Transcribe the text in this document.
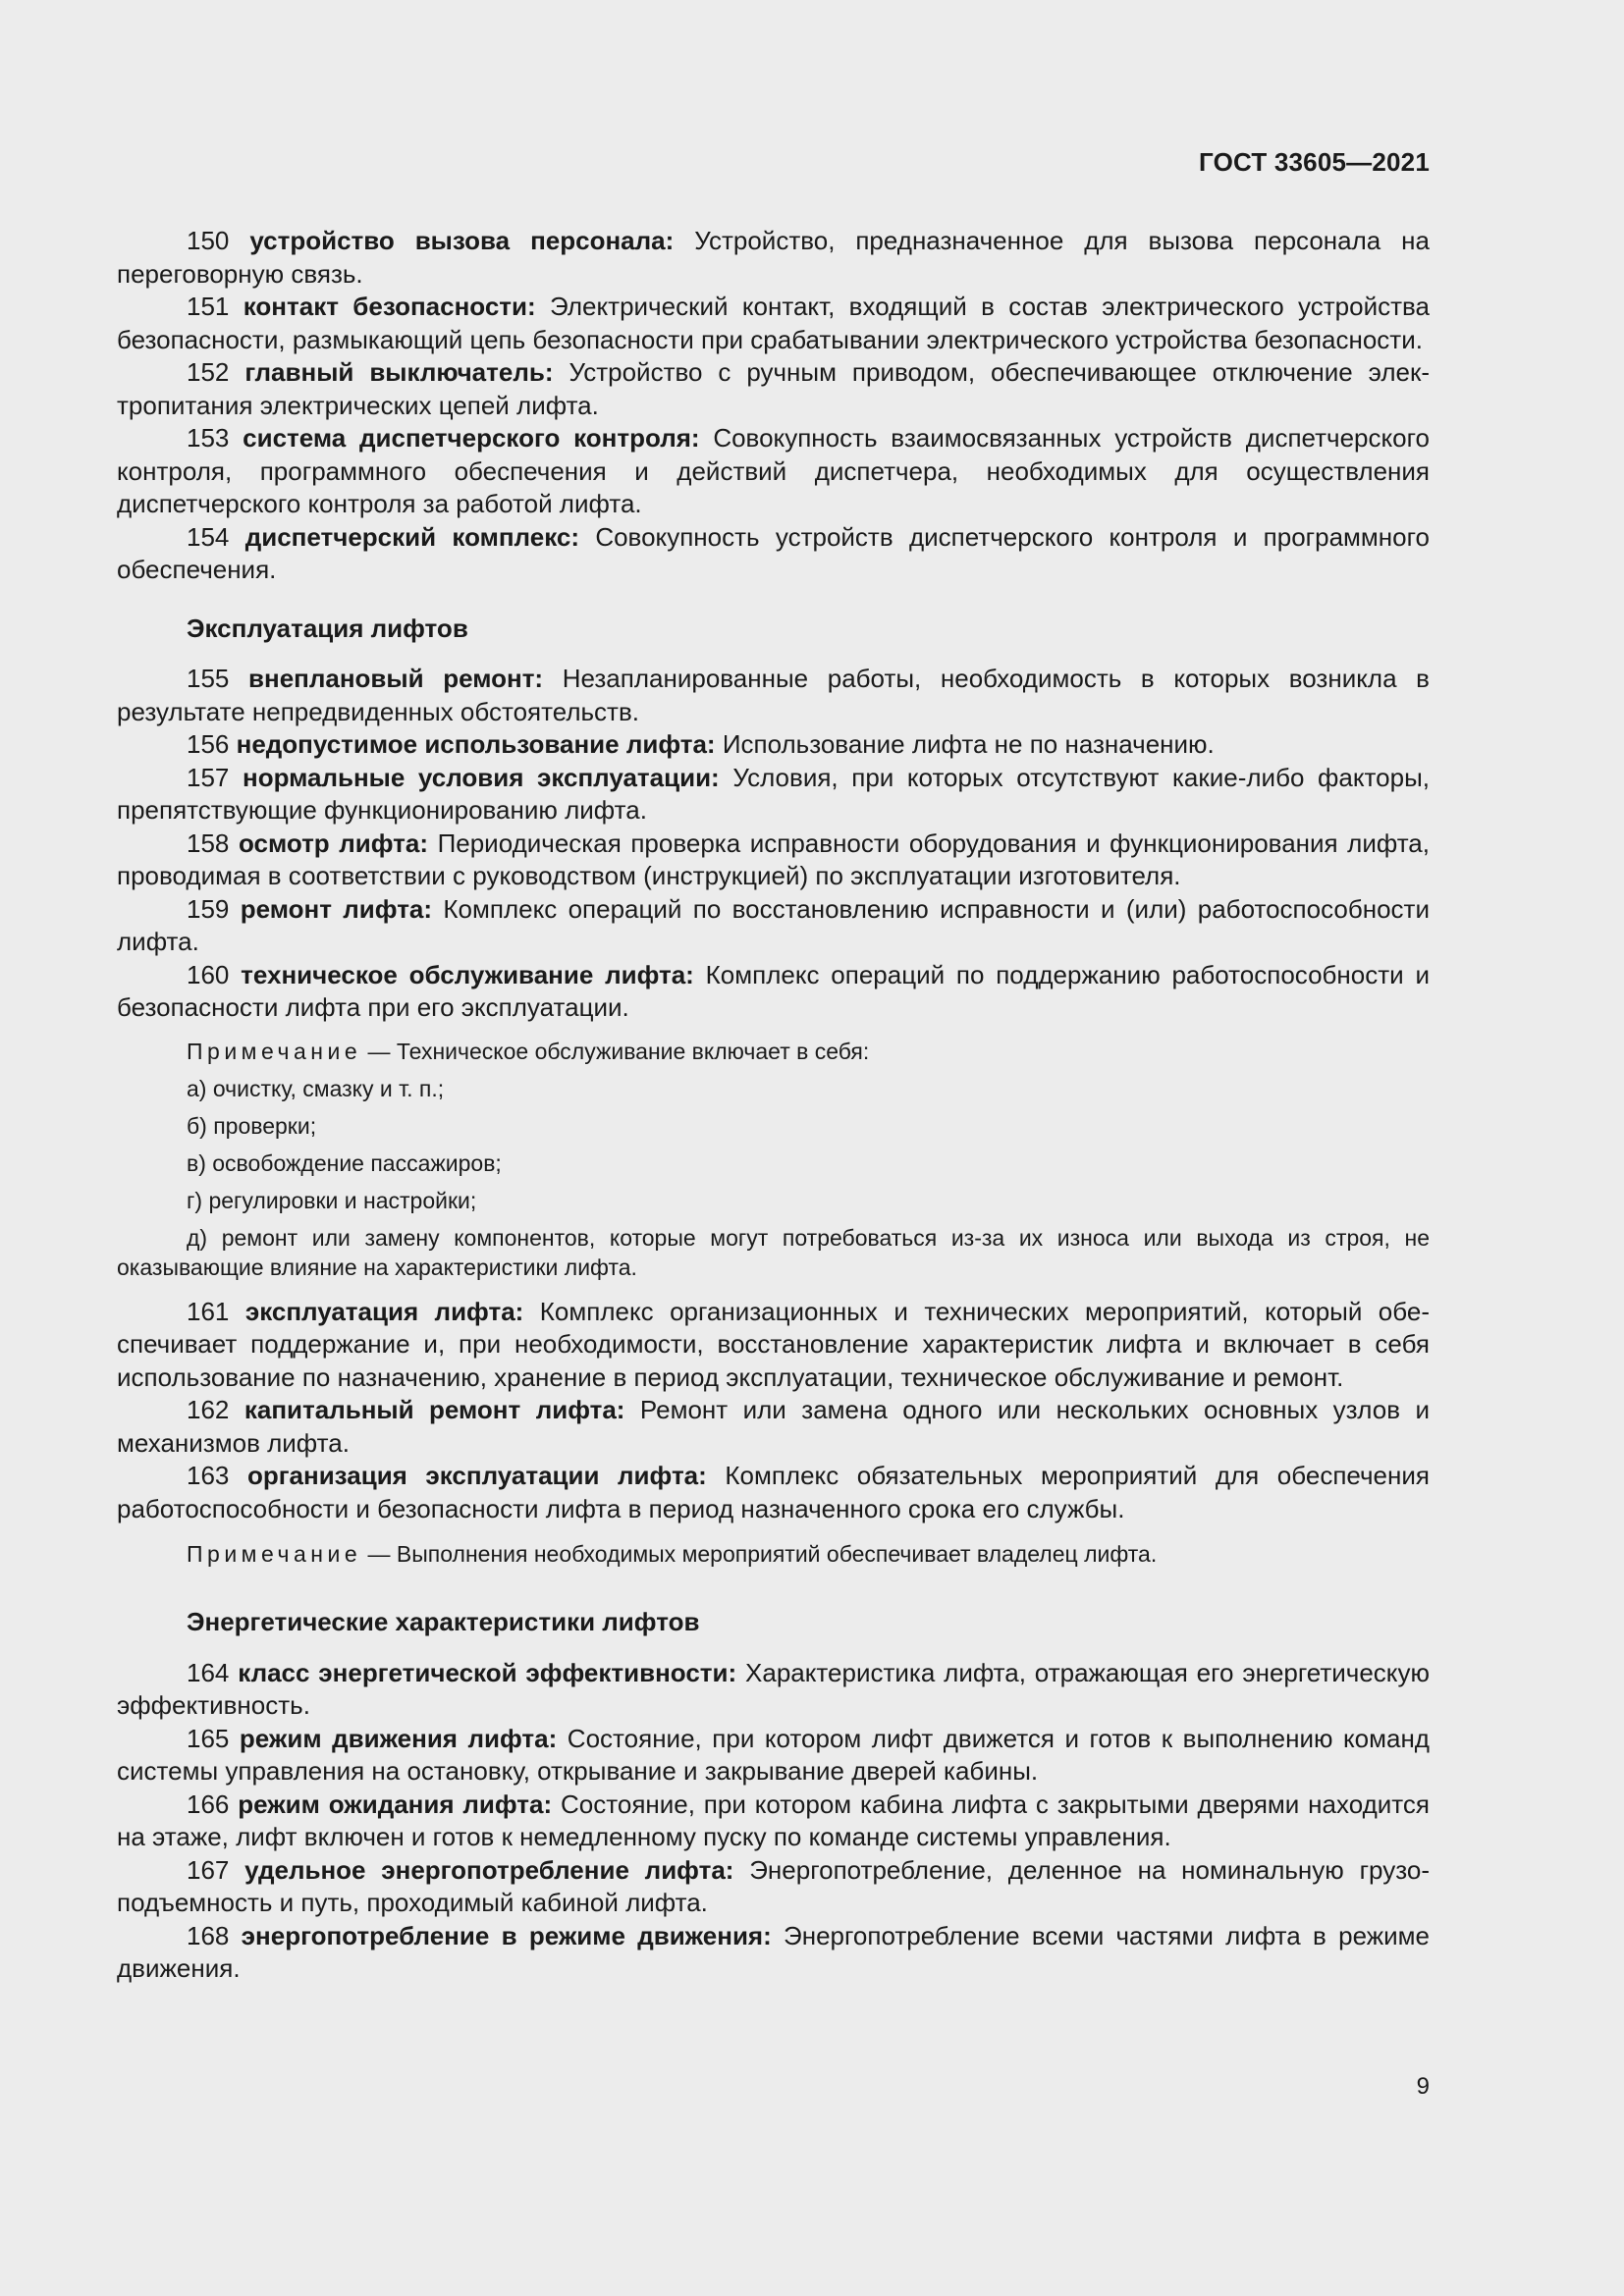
ГОСТ 33605—2021

150 устройство вызова персонала: Устройство, предназначенное для вызова персонала на переговорную связь.

151 контакт безопасности: Электрический контакт, входящий в состав электрического устройства безопасности, размыкающий цепь безопасности при срабатывании электрического устройства безопасности.

152 главный выключатель: Устройство с ручным приводом, обеспечивающее отключение электропитания электрических цепей лифта.

153 система диспетчерского контроля: Совокупность взаимосвязанных устройств диспетчерского контроля, программного обеспечения и действий диспетчера, необходимых для осуществления диспетчерского контроля за работой лифта.

154 диспетчерский комплекс: Совокупность устройств диспетчерского контроля и программного обеспечения.

Эксплуатация лифтов

155 внеплановый ремонт: Незапланированные работы, необходимость в которых возникла в результате непредвиденных обстоятельств.

156 недопустимое использование лифта: Использование лифта не по назначению.

157 нормальные условия эксплуатации: Условия, при которых отсутствуют какие-либо факторы, препятствующие функционированию лифта.

158 осмотр лифта: Периодическая проверка исправности оборудования и функционирования лифта, проводимая в соответствии с руководством (инструкцией) по эксплуатации изготовителя.

159 ремонт лифта: Комплекс операций по восстановлению исправности и (или) работоспособности лифта.

160 техническое обслуживание лифта: Комплекс операций по поддержанию работоспособности и безопасности лифта при его эксплуатации.

Примечание — Техническое обслуживание включает в себя:

а) очистку, смазку и т. п.;

б) проверки;

в) освобождение пассажиров;

г) регулировки и настройки;

д) ремонт или замену компонентов, которые могут потребоваться из-за их износа или выхода из строя, не оказывающие влияние на характеристики лифта.

161 эксплуатация лифта: Комплекс организационных и технических мероприятий, который обеспечивает поддержание и, при необходимости, восстановление характеристик лифта и включает в себя использование по назначению, хранение в период эксплуатации, техническое обслуживание и ремонт.

162 капитальный ремонт лифта: Ремонт или замена одного или нескольких основных узлов и механизмов лифта.

163 организация эксплуатации лифта: Комплекс обязательных мероприятий для обеспечения работоспособности и безопасности лифта в период назначенного срока его службы.

Примечание — Выполнения необходимых мероприятий обеспечивает владелец лифта.

Энергетические характеристики лифтов

164 класс энергетической эффективности: Характеристика лифта, отражающая его энергетическую эффективность.

165 режим движения лифта: Состояние, при котором лифт движется и готов к выполнению команд системы управления на остановку, открывание и закрывание дверей кабины.

166 режим ожидания лифта: Состояние, при котором кабина лифта с закрытыми дверями находится на этаже, лифт включен и готов к немедленному пуску по команде системы управления.

167 удельное энергопотребление лифта: Энергопотребление, деленное на номинальную грузоподъемность и путь, проходимый кабиной лифта.

168 энергопотребление в режиме движения: Энергопотребление всеми частями лифта в режиме движения.

9
